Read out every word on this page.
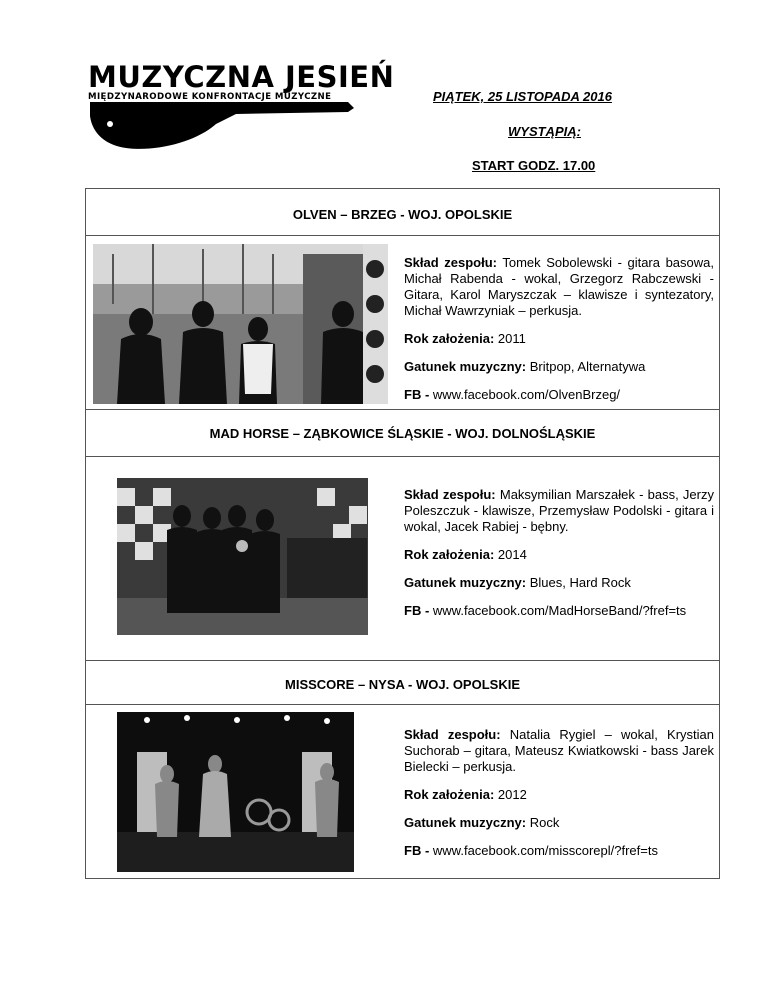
MUZYCZNA JESIEŃ
MIĘDZYNARODOWE KONFRONTACJE MUZYCZNE	PIĄTEK, 25 LISTOPADA 2016
WYSTĄPIĄ:
START GODZ. 17.00
OLVEN – BRZEG - WOJ. OPOLSKIE

Skład zespołu: Tomek Sobolewski - gitara basowa, Michał Rabenda - wokal, Grzegorz Rabczewski - Gitara, Karol Maryszczak – klawisze i syntezatory, Michał Wawrzyniak – perkusja.

Rok założenia: 2011

Gatunek muzyczny: Britpop, Alternatywa

FB - www.facebook.com/OlvenBrzeg/

MAD HORSE – ZĄBKOWICE ŚLĄSKIE - WOJ. DOLNOŚLĄSKIE

Skład zespołu: Maksymilian Marszałek - bass, Jerzy Poleszczuk - klawisze, Przemysław Podolski - gitara i wokal, Jacek Rabiej - bębny.

Rok założenia: 2014

Gatunek muzyczny: Blues, Hard Rock

FB - www.facebook.com/MadHorseBand/?fref=ts

MISSCORE – NYSA - WOJ. OPOLSKIE

Skład zespołu: Natalia Rygiel – wokal, Krystian Suchorab – gitara, Mateusz Kwiatkowski - bass Jarek Bielecki – perkusja.

Rok założenia: 2012

Gatunek muzyczny: Rock

FB - www.facebook.com/misscorepl/?fref=ts
